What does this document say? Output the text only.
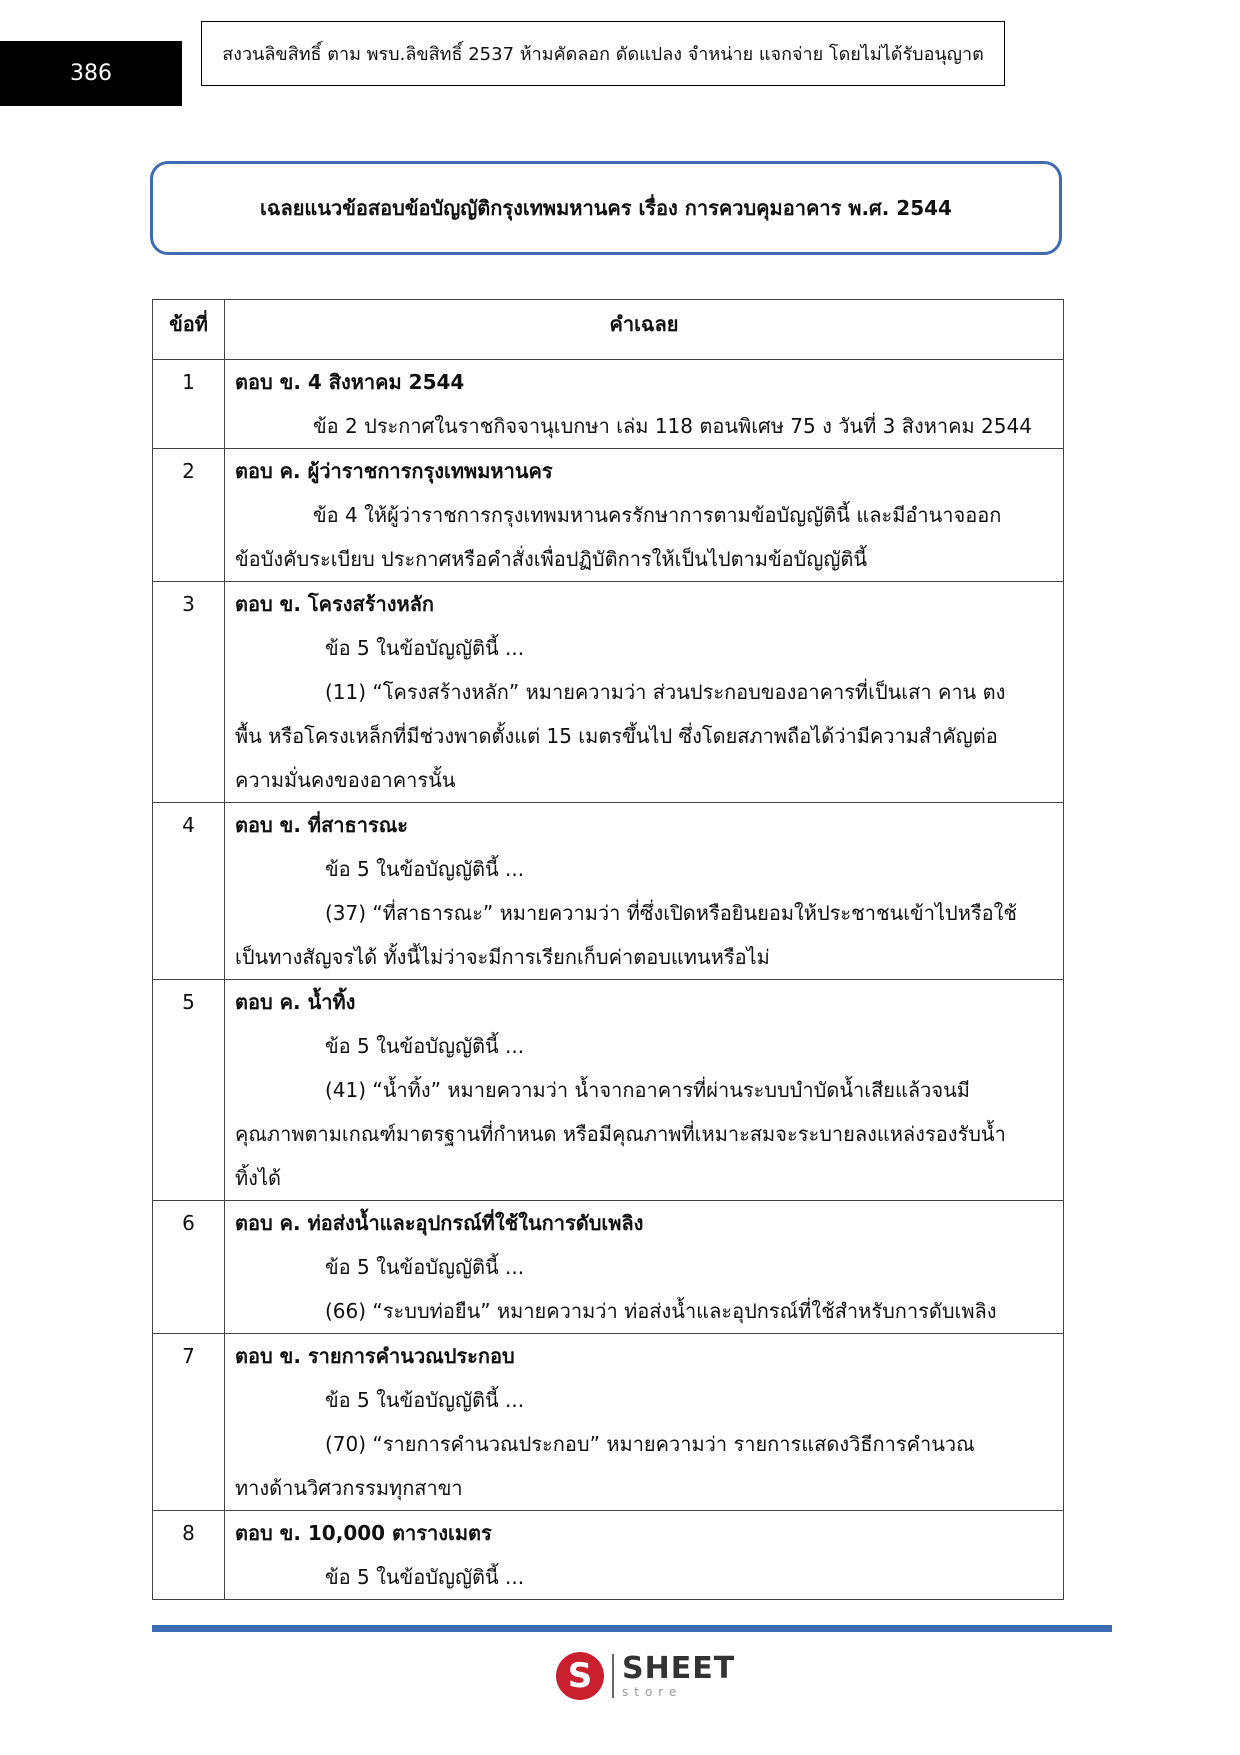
386
สงวนลิขสิทธิ์ ตาม พรบ.ลิขสิทธิ์ 2537 ห้ามคัดลอก ดัดแปลง จำหน่าย แจกจ่าย โดยไม่ได้รับอนุญาต
เฉลยแนวข้อสอบข้อบัญญัติกรุงเทพมหานคร เรื่อง การควบคุมอาคาร พ.ศ. 2544
ข้อที่	คำเฉลย

1	ตอบ ข. 4 สิงหาคม 2544
ข้อ 2 ประกาศในราชกิจจานุเบกษา เล่ม 118 ตอนพิเศษ 75 ง วันที่ 3 สิงหาคม 2544

2	ตอบ ค. ผู้ว่าราชการกรุงเทพมหานคร
ข้อ 4 ให้ผู้ว่าราชการกรุงเทพมหานครรักษาการตามข้อบัญญัตินี้ และมีอำนาจออก
ข้อบังคับระเบียบ ประกาศหรือคำสั่งเพื่อปฏิบัติการให้เป็นไปตามข้อบัญญัตินี้

3	ตอบ ข. โครงสร้างหลัก
ข้อ 5 ในข้อบัญญัตินี้ ...
(11) “โครงสร้างหลัก” หมายความว่า ส่วนประกอบของอาคารที่เป็นเสา คาน ตง
พื้น หรือโครงเหล็กที่มีช่วงพาดตั้งแต่ 15 เมตรขึ้นไป ซึ่งโดยสภาพถือได้ว่ามีความสำคัญต่อ
ความมั่นคงของอาคารนั้น

4	ตอบ ข. ที่สาธารณะ
ข้อ 5 ในข้อบัญญัตินี้ ...
(37) “ที่สาธารณะ” หมายความว่า ที่ซึ่งเปิดหรือยินยอมให้ประชาชนเข้าไปหรือใช้
เป็นทางสัญจรได้ ทั้งนี้ไม่ว่าจะมีการเรียกเก็บค่าตอบแทนหรือไม่

5	ตอบ ค. น้ำทิ้ง
ข้อ 5 ในข้อบัญญัตินี้ ...
(41) “น้ำทิ้ง” หมายความว่า น้ำจากอาคารที่ผ่านระบบบำบัดน้ำเสียแล้วจนมี
คุณภาพตามเกณฑ์มาตรฐานที่กำหนด หรือมีคุณภาพที่เหมาะสมจะระบายลงแหล่งรองรับน้ำ
ทิ้งได้

6	ตอบ ค. ท่อส่งน้ำและอุปกรณ์ที่ใช้ในการดับเพลิง
ข้อ 5 ในข้อบัญญัตินี้ ...
(66) “ระบบท่อยืน” หมายความว่า ท่อส่งน้ำและอุปกรณ์ที่ใช้สำหรับการดับเพลิง

7	ตอบ ข. รายการคำนวณประกอบ
ข้อ 5 ในข้อบัญญัตินี้ ...
(70) “รายการคำนวณประกอบ” หมายความว่า รายการแสดงวิธีการคำนวณ
ทางด้านวิศวกรรมทุกสาขา

8	ตอบ ข. 10,000 ตารางเมตร
ข้อ 5 ในข้อบัญญัตินี้ ...
S SHEET
store
